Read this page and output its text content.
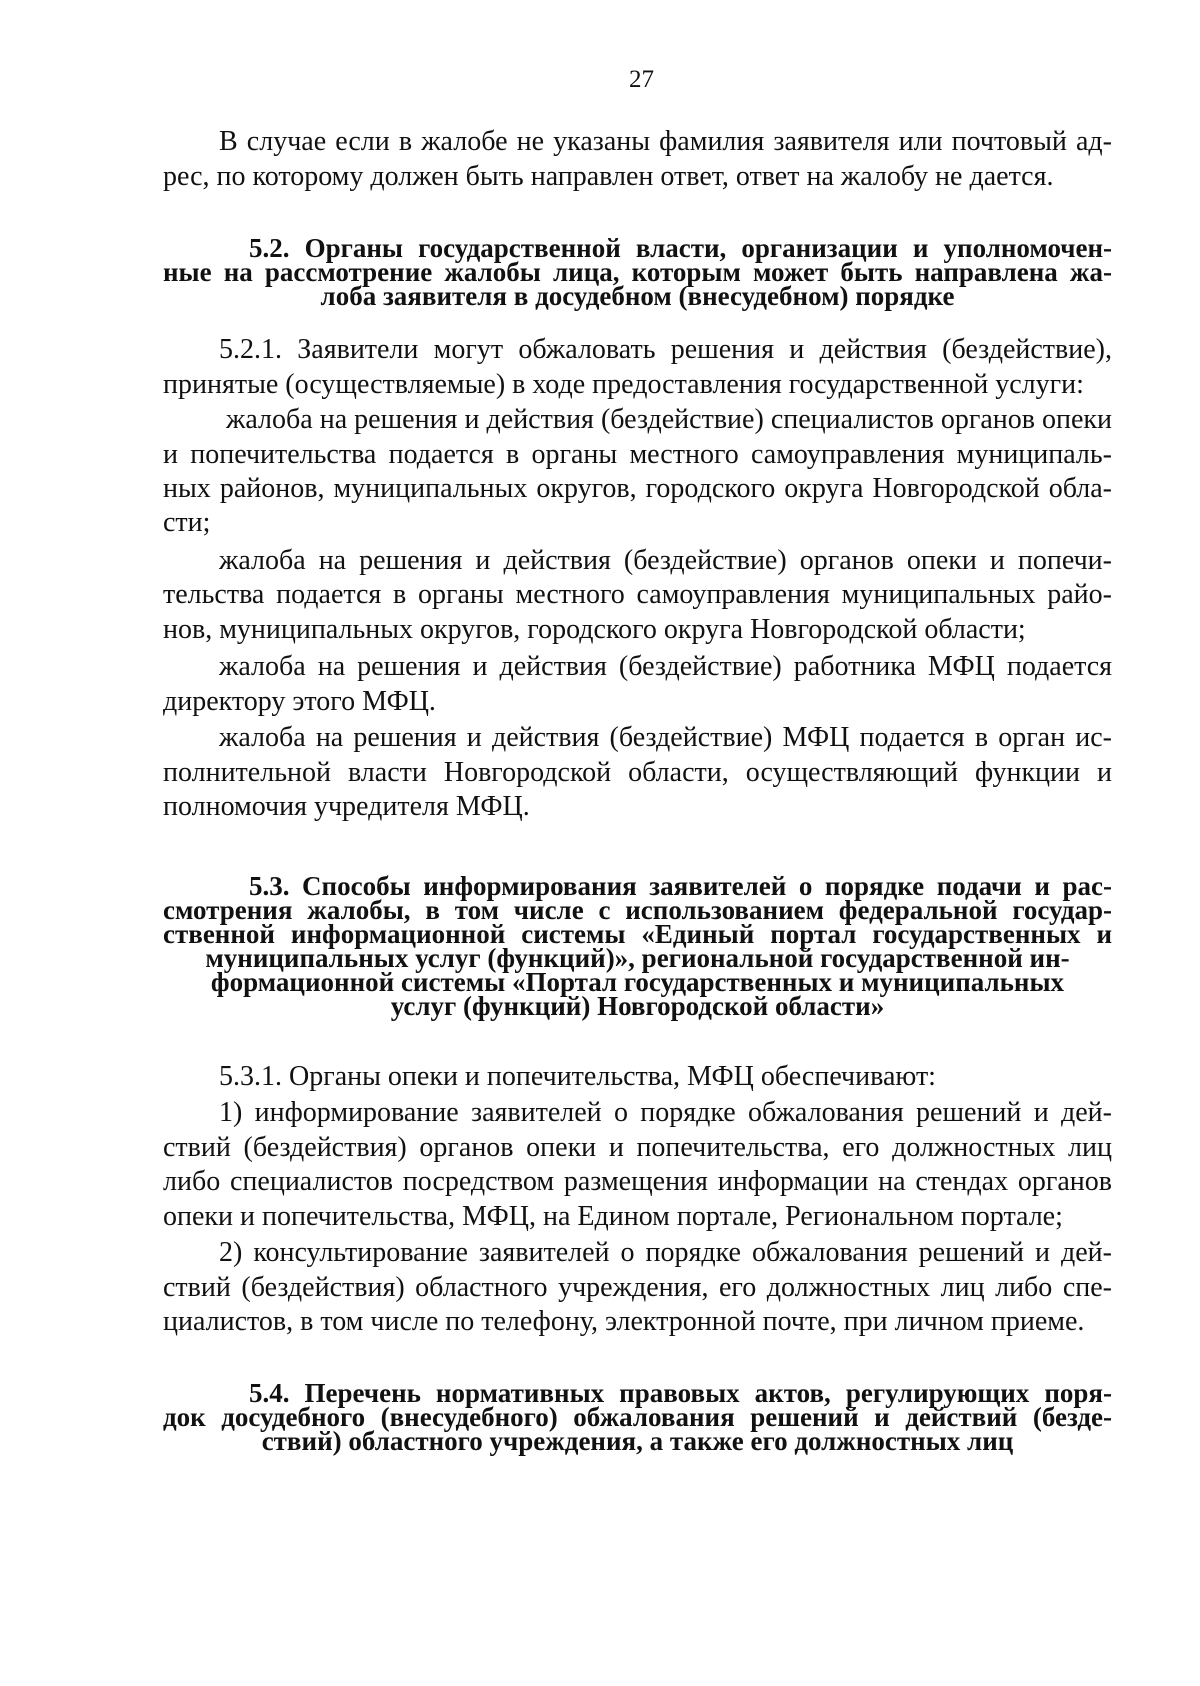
27

В случае если в жалобе не указаны фамилия заявителя или почтовый ад-

рес, по которому должен быть направлен ответ, ответ на жалобу не дается.

5.2. Органы государственной власти, организации и уполномочен-
ные на рассмотрение жалобы лица, которым может быть направлена жа-
лоба заявителя в досудебном (внесудебном) порядке

5.2.1. Заявители могут обжаловать решения и действия (бездействие),

принятые (осуществляемые) в ходе предоставления государственной услуги:

жалоба на решения и действия (бездействие) специалистов органов опеки

и попечительства подается в органы местного самоуправления муниципаль-

ных районов, муниципальных округов, городского округа Новгородской обла-

сти;

жалоба на решения и действия (бездействие) органов опеки и попечи-

тельства подается в органы местного самоуправления муниципальных райо-

нов, муниципальных округов, городского округа Новгородской области;

жалоба на решения и действия (бездействие) работника МФЦ подается

директору этого МФЦ.

жалоба на решения и действия (бездействие) МФЦ подается в орган ис-

полнительной власти Новгородской области, осуществляющий функции и

полномочия учредителя МФЦ.

5.3. Способы информирования заявителей о порядке подачи и рас-
смотрения жалобы, в том числе с использованием федеральной государ-
ственной информационной системы «Единый портал государственных и
муниципальных услуг (функций)», региональной государственной ин-
формационной системы «Портал государственных и муниципальных
услуг (функций) Новгородской области»

5.3.1. Органы опеки и попечительства, МФЦ обеспечивают:

1) информирование заявителей о порядке обжалования решений и дей-

ствий (бездействия) органов опеки и попечительства, его должностных лиц

либо специалистов посредством размещения информации на стендах органов

опеки и попечительства, МФЦ, на Едином портале, Региональном портале;

2) консультирование заявителей о порядке обжалования решений и дей-

ствий (бездействия) областного учреждения, его должностных лиц либо спе-

циалистов, в том числе по телефону, электронной почте, при личном приеме.

5.4. Перечень нормативных правовых актов, регулирующих поря-
док досудебного (внесудебного) обжалования решений и действий (безде-
ствий) областного учреждения, а также его должностных лиц
